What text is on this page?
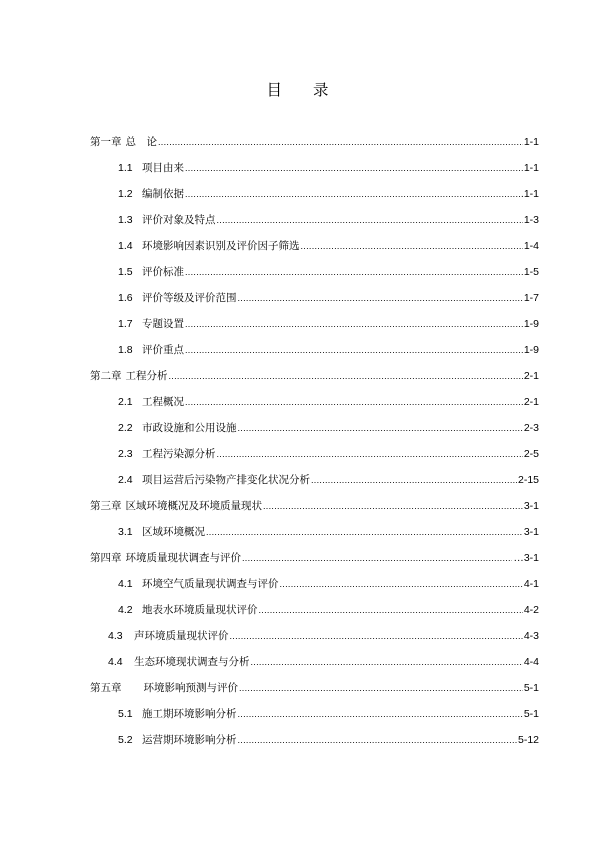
目 录
第一章 总　论 .....	1-1
1.1 项目由来 .....	1-1
1.2 编制依据 .....	.1-1
1.3 评价对象及特点 .....	1-3
1.4 环境影响因素识别及评价因子筛选 .....	1-4
1.5 评价标准 .....	1-5
1.6 评价等级及评价范围 .....	1-7
1.7 专题设置 .....	1-9
1.8 评价重点 .....	1-9
第二章 工程分析 .....	2-1
2.1 工程概况 .....	2-1
2.2 市政设施和公用设施 .....	2-3
2.3 工程污染源分析 .....	2-5
2.4 项目运营后污染物产排变化状况分析 .....	2-15
第三章 区域环境概况及环境质量现状 .....	3-1
3.1 区域环境概况 .....	3-1
第四章 环境质量现状调查与评价 .....	…3-1
4.1 环境空气质量现状调查与评价 .....	4-1
4.2 地表水环境质量现状评价 .....	4-2
4.3	声环境质量现状评价 .....	4-3
4.4	生态环境现状调查与分析 .....	4-4
第五章 环境影响预测与评价 .....	5-1
5.1 施工期环境影响分析 .....	5-1
5.2 运营期环境影响分析 .....	5-12
